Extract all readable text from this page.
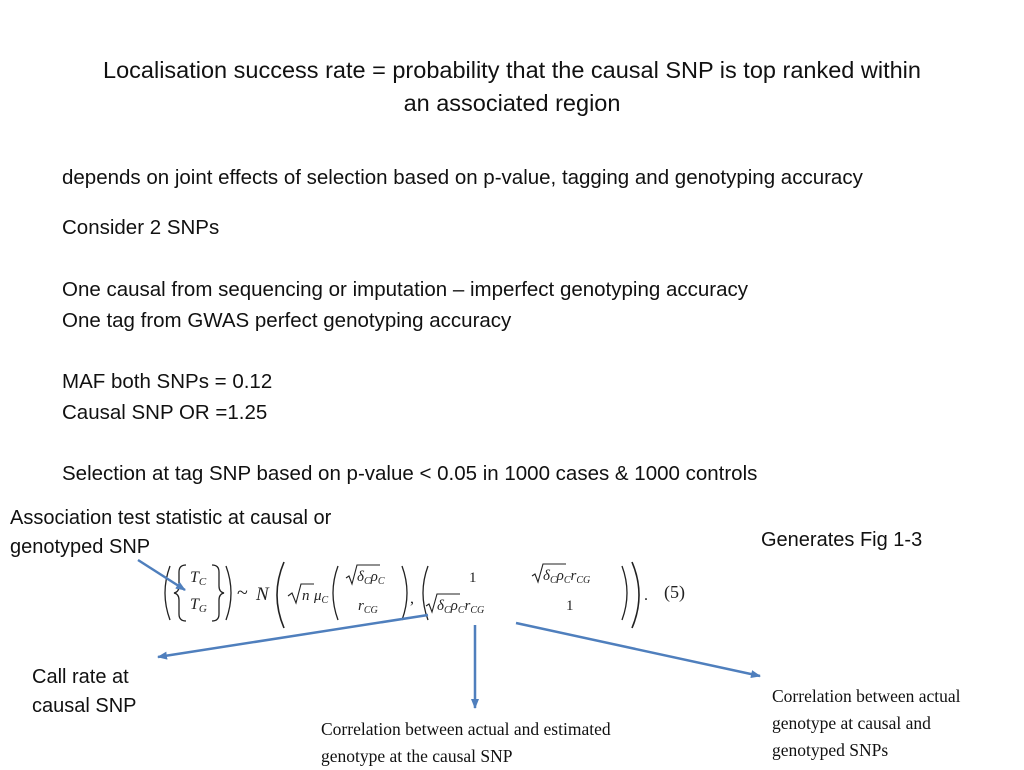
Localisation success rate = probability that the causal SNP is top ranked within
an associated region
depends on joint effects of selection based on p-value, tagging and genotyping accuracy
Consider 2 SNPs
One causal from sequencing or imputation – imperfect genotyping accuracy
One tag from GWAS perfect genotyping accuracy
MAF both SNPs = 0.12
Causal SNP OR =1.25
Selection at tag SNP based on p-value < 0.05 in 1000 cases & 1000 controls
Association test statistic at causal or
genotyped SNP	Generates Fig 1-3
Call rate at
causal SNP
Correlation between actual and estimated
genotype at the causal SNP
Correlation between actual
genotype at causal and
genotyped SNPs
TC
TG
~ N n $\mu_C$
$\delta_C\rho_C$
$r_{CG}$
,
1	$\delta_C\rho_Cr_{CG}$
$\delta_C\rho_Cr_{CG}$	1
. (5)
